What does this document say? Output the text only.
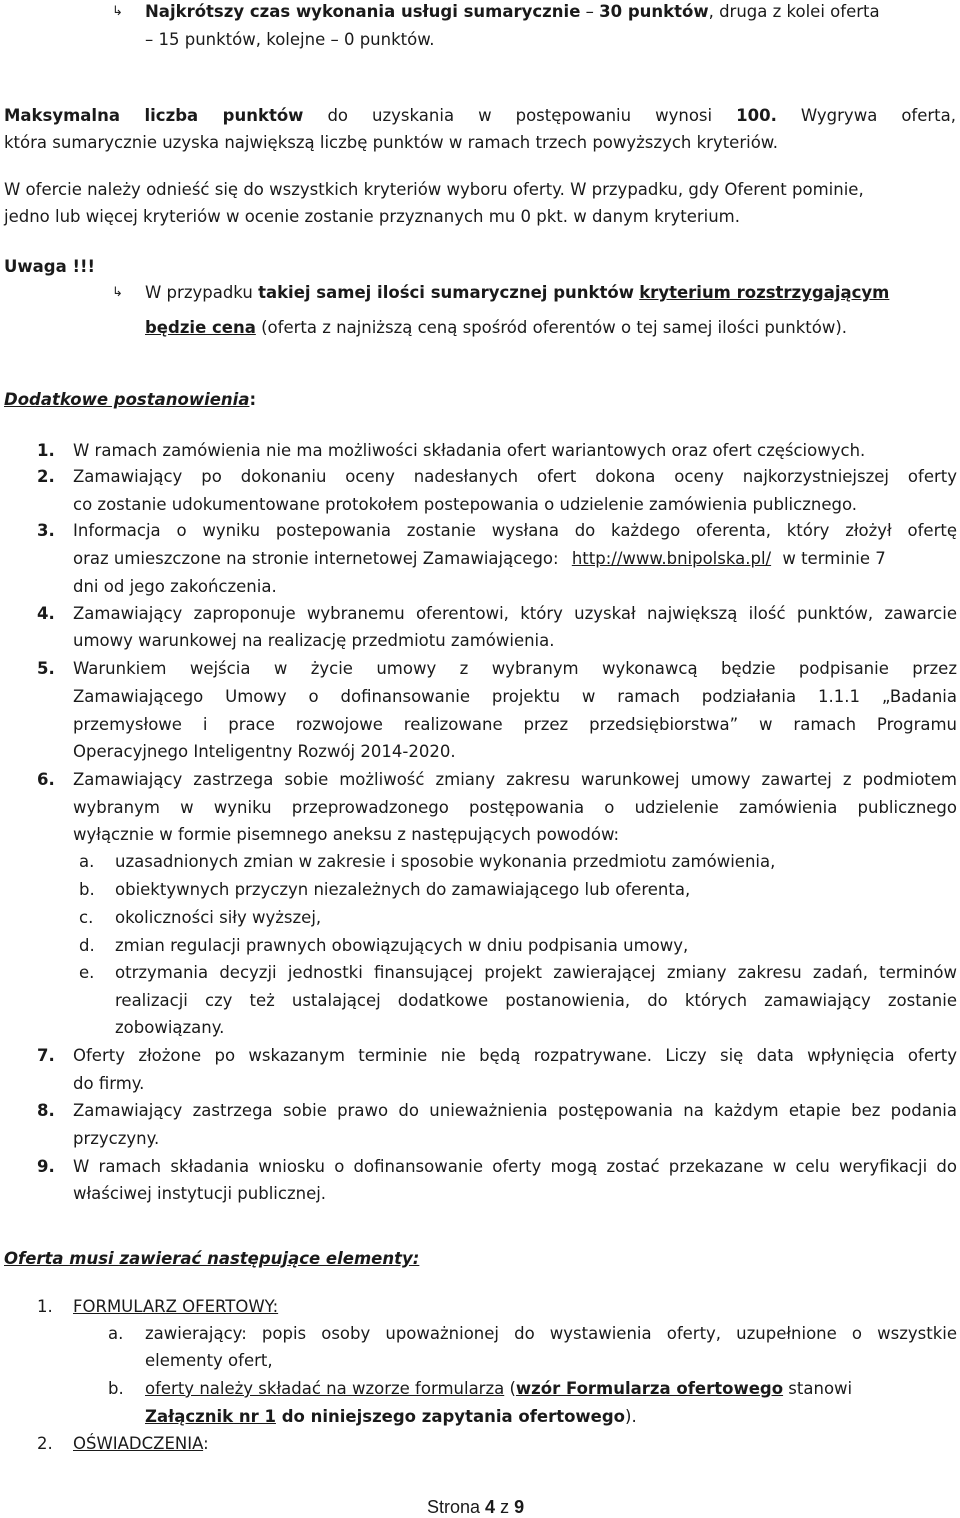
↳ Najkrótszy czas wykonania usługi sumarycznie – 30 punktów, druga z kolei oferta
– 15 punktów, kolejne – 0 punktów.
Maksymalna liczba punktów do uzyskania w postępowaniu wynosi 100. Wygrywa oferta,
która sumarycznie uzyska największą liczbę punktów w ramach trzech powyższych kryteriów.
W ofercie należy odnieść się do wszystkich kryteriów wyboru oferty. W przypadku, gdy Oferent pominie,
jedno lub więcej kryteriów w ocenie zostanie przyznanych mu 0 pkt. w danym kryterium.
Uwaga !!!
↳ W przypadku takiej samej ilości sumarycznej punktów kryterium rozstrzygającym
będzie cena (oferta z najniższą ceną spośród oferentów o tej samej ilości punktów).
Dodatkowe postanowienia:
1. W ramach zamówienia nie ma możliwości składania ofert wariantowych oraz ofert częściowych.
2. Zamawiający po dokonaniu oceny nadesłanych ofert dokona oceny najkorzystniejszej oferty
co zostanie udokumentowane protokołem postepowania o udzielenie zamówienia publicznego.
3. Informacja o wyniku postepowania zostanie wysłana do każdego oferenta, który złożył ofertę
oraz umieszczone na stronie internetowej Zamawiającego: http://www.bnipolska.pl/ w terminie 7
dni od jego zakończenia.
4. Zamawiający zaproponuje wybranemu oferentowi, który uzyskał największą ilość punktów, zawarcie
umowy warunkowej na realizację przedmiotu zamówienia.
5. Warunkiem wejścia w życie umowy z wybranym wykonawcą będzie podpisanie przez
Zamawiającego Umowy o dofinansowanie projektu w ramach podziałania 1.1.1 „Badania
przemysłowe i prace rozwojowe realizowane przez przedsiębiorstwa” w ramach Programu
Operacyjnego Inteligentny Rozwój 2014-2020.
6. Zamawiający zastrzega sobie możliwość zmiany zakresu warunkowej umowy zawartej z podmiotem
wybranym w wyniku przeprowadzonego postępowania o udzielenie zamówienia publicznego
wyłącznie w formie pisemnego aneksu z następujących powodów:
a. uzasadnionych zmian w zakresie i sposobie wykonania przedmiotu zamówienia,
b. obiektywnych przyczyn niezależnych do zamawiającego lub oferenta,
c. okoliczności siły wyższej,
d. zmian regulacji prawnych obowiązujących w dniu podpisania umowy,
e. otrzymania decyzji jednostki finansującej projekt zawierającej zmiany zakresu zadań, terminów
realizacji czy też ustalającej dodatkowe postanowienia, do których zamawiający zostanie
zobowiązany.
7. Oferty złożone po wskazanym terminie nie będą rozpatrywane. Liczy się data wpłynięcia oferty
do firmy.
8. Zamawiający zastrzega sobie prawo do unieważnienia postępowania na każdym etapie bez podania
przyczyny.
9. W ramach składania wniosku o dofinansowanie oferty mogą zostać przekazane w celu weryfikacji do
właściwej instytucji publicznej.
Oferta musi zawierać następujące elementy:
1. FORMULARZ OFERTOWY:
a. zawierający: popis osoby upoważnionej do wystawienia oferty, uzupełnione o wszystkie
elementy ofert,
b. oferty należy składać na wzorze formularza (wzór Formularza ofertowego stanowi
Załącznik nr 1 do niniejszego zapytania ofertowego).
2. OŚWIADCZENIA:
Strona 4 z 9
